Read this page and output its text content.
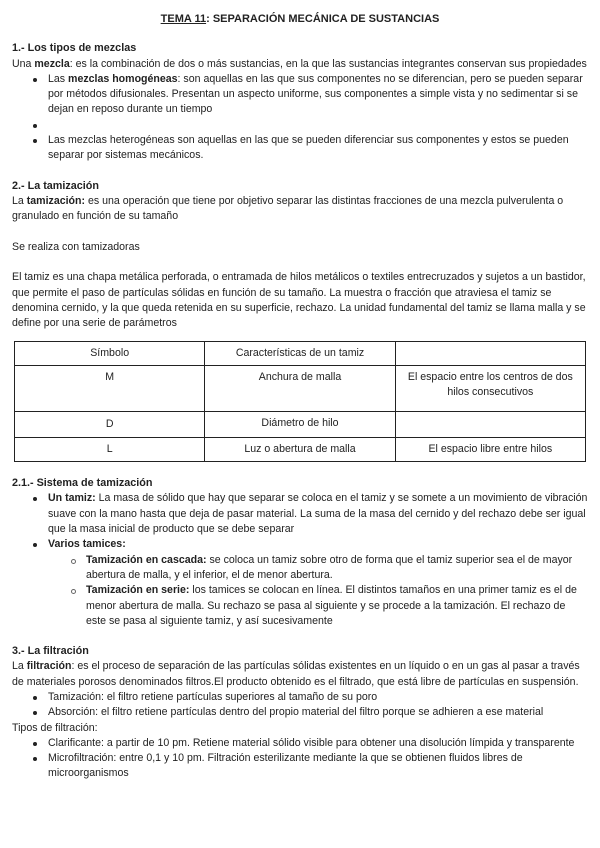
TEMA 11: SEPARACIÓN MECÁNICA DE SUSTANCIAS
1.- Los tipos de mezclas

Una mezcla: es la combinación de dos o más sustancias, en la que las sustancias integrantes conservan sus propiedades

Las mezclas homogéneas: son aquellas en las que sus componentes no se diferencian, pero se pueden separar por métodos difusionales. Presentan un aspecto uniforme, sus componentes a simple vista y no sedimentar si se dejan en reposo durante un tiempo
Las mezclas heterogéneas son aquellas en las que se pueden diferenciar sus componentes y estos se pueden separar por sistemas mecánicos.
2.- La tamización

La tamización: es una operación que tiene por objetivo separar las distintas fracciones de una mezcla pulverulenta o granulado en función de su tamaño

Se realiza con tamizadoras

El tamiz es una chapa metálica perforada, o entramada de hilos metálicos o textiles entrecruzados y sujetos a un bastidor, que permite el paso de partículas sólidas en función de su tamaño. La muestra o fracción que atraviesa el tamiz se denomina cernido, y la que queda retenida en su superficie, rechazo. La unidad fundamental del tamiz se llama malla y se define por una serie de parámetros

Símbolo	Características de un tamiz	
M	Anchura de malla	El espacio entre los centros de dos hilos consecutivos
D	Diámetro de hilo	
L	Luz o abertura de malla	El espacio libre entre hilos
2.1.- Sistema de tamización
Un tamiz: La masa de sólido que hay que separar se coloca en el tamiz y se somete a un movimiento de vibración suave con la mano hasta que deja de pasar material. La suma de la masa del cernido y del rechazo debe ser igual que la masa inicial de producto que se debe separar
Varios tamices:
Tamización en cascada: se coloca un tamiz sobre otro de forma que el tamiz superior sea el de mayor abertura de malla, y el inferior, el de menor abertura.
Tamización en serie: los tamices se colocan en línea. El distintos tamaños en una primer tamiz es el de menor abertura de malla. Su rechazo se pasa al siguiente y se procede a la tamización. El rechazo de este se pasa al siguiente tamiz, y así sucesivamente
3.- La filtración

La filtración: es el proceso de separación de las partículas sólidas existentes en un líquido o en un gas al pasar a través de materiales porosos denominados filtros.El producto obtenido es el filtrado, que está libre de partículas en suspensión.

Tamización: el filtro retiene partículas superiores al tamaño de su poro
Absorción: el filtro retiene partículas dentro del propio material del filtro porque se adhieren a ese material

Tipos de filtración:

Clarificante: a partir de 10 pm. Retiene material sólido visible para obtener una disolución límpida y transparente
Microfiltración: entre 0,1 y 10 pm. Filtración esterilizante mediante la que se obtienen fluidos libres de microorganismos
